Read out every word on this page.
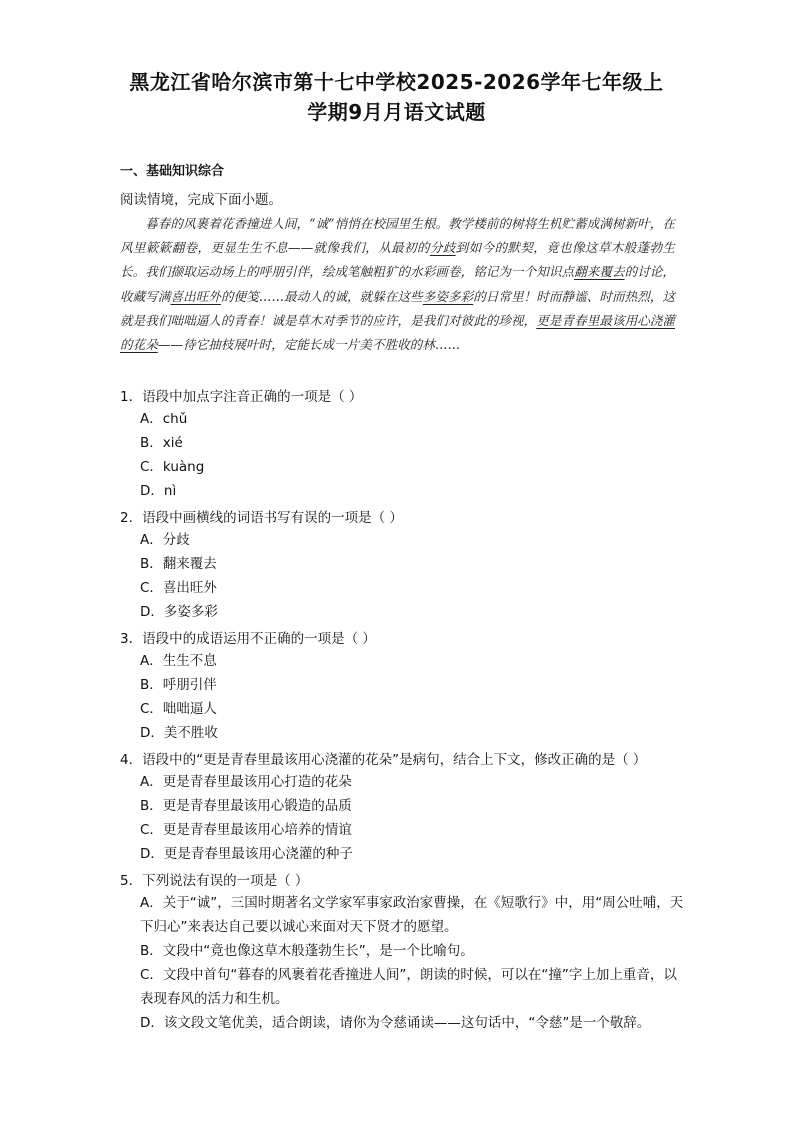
黑龙江省哈尔滨市第十七中学校2025-2026学年七年级上
学期9月月语文试题
一、基础知识综合
阅读情境，完成下面小题。

暮春的风裹着花香撞进人间，“诚”悄悄在校园里生根。教学楼前的树将生机贮蓄成满树新叶，在风里簌簌翻卷，更显生生不息——就像我们，从最初的分歧到如今的默契，竟也像这草木般蓬勃生长。我们撷取运动场上的呼朋引伴，绘成笔触粗犷的水彩画卷，铭记为一个知识点翻来覆去的讨论，收藏写满喜出旺外的便笺……最动人的诚，就躲在这些多姿多彩的日常里！时而静谧、时而热烈，这就是我们咄咄逼人的青春！诚是草木对季节的应许，是我们对彼此的珍视，更是青春里最该用心浇灌的花朵——待它抽枝展叶时，定能长成一片美不胜收的林……

1．语段中加点字注音正确的一项是（ ）
A．chǔ
B．xié
C．kuàng
D．nì
2．语段中画横线的词语书写有误的一项是（ ）
A．分歧
B．翻来覆去
C．喜出旺外
D．多姿多彩
3．语段中的成语运用不正确的一项是（ ）
A．生生不息
B．呼朋引伴
C．咄咄逼人
D．美不胜收
4．语段中的“更是青春里最该用心浇灌的花朵”是病句，结合上下文，修改正确的是（ ）
A．更是青春里最该用心打造的花朵
B．更是青春里最该用心锻造的品质
C．更是青春里最该用心培养的情谊
D．更是青春里最该用心浇灌的种子
5．下列说法有误的一项是（ ）
A．关于“诚”，三国时期著名文学家军事家政治家曹操，在《短歌行》中，用“周公吐哺，天下归心”来表达自己要以诚心来面对天下贤才的愿望。
B．文段中“竟也像这草木般蓬勃生长”，是一个比喻句。
C．文段中首句“暮春的风裹着花香撞进人间”，朗读的时候，可以在“撞”字上加上重音，以表现春风的活力和生机。
D．该文段文笔优美，适合朗读，请你为令慈诵读——这句话中，“令慈”是一个敬辞。
